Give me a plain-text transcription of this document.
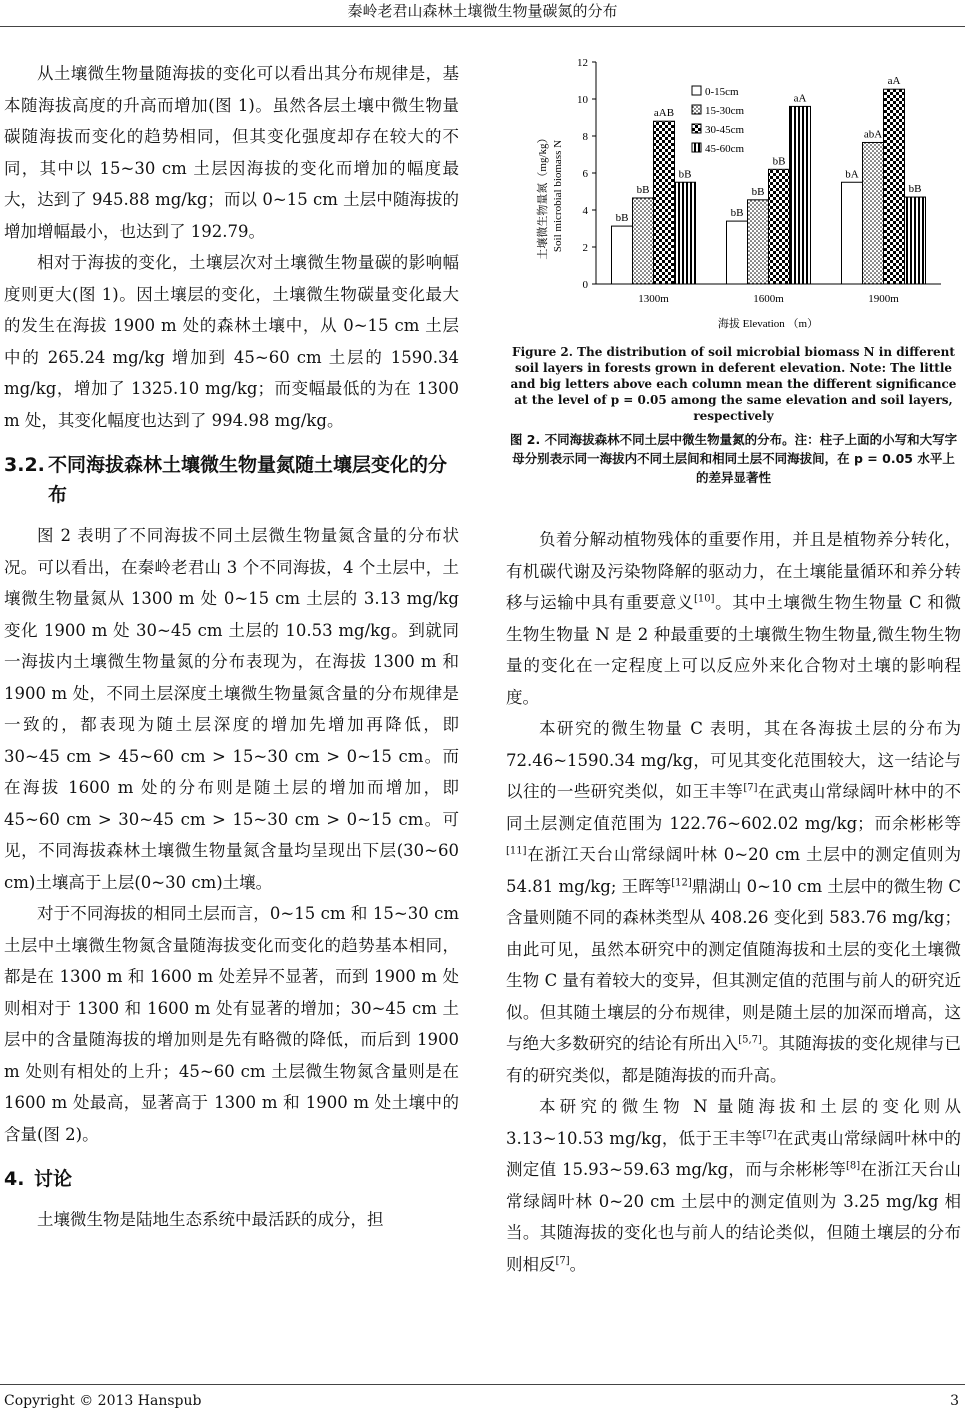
秦岭老君山森林土壤微生物量碳氮的分布

从土壤微生物量随海拔的变化可以看出其分布规律是，基本随海拔高度的升高而增加(图 1)。虽然各层土壤中微生物量碳随海拔而变化的趋势相同，但其变化强度却存在较大的不同，其中以 15~30 cm 土层因海拔的变化而增加的幅度最大，达到了 945.88 mg/kg；而以 0~15 cm 土层中随海拔的增加增幅最小，也达到了 192.79。

相对于海拔的变化，土壤层次对土壤微生物量碳的影响幅度则更大(图 1)。因土壤层的变化，土壤微生物碳量变化最大的发生在海拔 1900 m 处的森林土壤中，从 0~15 cm 土层中的 265.24 mg/kg 增加到 45~60 cm 土层的 1590.34 mg/kg，增加了 1325.10 mg/kg；而变幅最低的为在 1300 m 处，其变化幅度也达到了 994.98 mg/kg。

3.2. 不同海拔森林土壤微生物量氮随土壤层变化的分布

图 2 表明了不同海拔不同土层微生物量氮含量的分布状况。可以看出，在秦岭老君山 3 个不同海拔，4 个土层中，土壤微生物量氮从 1300 m 处 0~15 cm 土层的 3.13 mg/kg 变化 1900 m 处 30~45 cm 土层的 10.53 mg/kg。到就同一海拔内土壤微生物量氮的分布表现为，在海拔 1300 m 和 1900 m 处，不同土层深度土壤微生物量氮含量的分布规律是一致的，都表现为随土层深度的增加先增加再降低，即 30~45 cm > 45~60 cm > 15~30 cm > 0~15 cm。而在海拔 1600 m 处的分布则是随土层的增加而增加，即 45~60 cm > 30~45 cm > 15~30 cm > 0~15 cm。可见，不同海拔森林土壤微生物量氮含量均呈现出下层(30~60 cm)土壤高于上层(0~30 cm)土壤。

对于不同海拔的相同土层而言，0~15 cm 和 15~30 cm 土层中土壤微生物氮含量随海拔变化而变化的趋势基本相同，都是在 1300 m 和 1600 m 处差异不显著，而到 1900 m 处则相对于 1300 和 1600 m 处有显著的增加；30~45 cm 土层中的含量随海拔的增加则是先有略微的降低，而后到 1900 m 处则有相处的上升；45~60 cm 土层微生物氮含量则是在 1600 m 处最高，显著高于 1300 m 和 1900 m 处土壤中的含量(图 2)。

4. 讨论

土壤微生物是陆地生态系统中最活跃的成分，担

土壤微生物量氮（mg/kg） Soil microbial biomass N
0
2
4
6
8
10
12
bB
bB
aAB
bB
bB
bB
bB
aA
bA
abA
aA
bB
1300m	1600m	1900m
0-15cm
15-30cm
30-45cm
45-60cm
海拔 Elevation （m）
Figure 2. The distribution of soil microbial biomass N in different soil layers in forests grown in deferent elevation. Note: The little and big letters above each column mean the different significance at the level of p = 0.05 among the same elevation and soil layers, respectively
图 2. 不同海拔森林不同土层中微生物量氮的分布。注：柱子上面的小写和大写字母分别表示同一海拔内不同土层间和相同土层不同海拔间，在 p = 0.05 水平上的差异显著性

负着分解动植物残体的重要作用，并且是植物养分转化，有机碳代谢及污染物降解的驱动力，在土壤能量循环和养分转移与运输中具有重要意义[10]。其中土壤微生物生物量 C 和微生物生物量 N 是 2 种最重要的土壤微生物生物量,微生物生物量的变化在一定程度上可以反应外来化合物对土壤的影响程度。

本研究的微生物量 C 表明，其在各海拔土层的分布为 72.46~1590.34 mg/kg，可见其变化范围较大，这一结论与以往的一些研究类似，如王丰等[7]在武夷山常绿阔叶林中的不同土层测定值范围为 122.76~602.02 mg/kg；而余彬彬等[11]在浙江天台山常绿阔叶林 0~20 cm 土层中的测定值则为 54.81 mg/kg; 王晖等[12]鼎湖山 0~10 cm 土层中的微生物 C 含量则随不同的森林类型从 408.26 变化到 583.76 mg/kg；由此可见，虽然本研究中的测定值随海拔和土层的变化土壤微生物 C 量有着较大的变异，但其测定值的范围与前人的研究近似。但其随土壤层的分布规律，则是随土层的加深而增高，这与绝大多数研究的结论有所出入[5,7]。其随海拔的变化规律与已有的研究类似，都是随海拔的而升高。

本研究的微生物 N 量随海拔和土层的变化则从 3.13~10.53 mg/kg，低于王丰等[7]在武夷山常绿阔叶林中的测定值 15.93~59.63 mg/kg，而与余彬彬等[8]在浙江天台山常绿阔叶林 0~20 cm 土层中的测定值则为 3.25 mg/kg 相当。其随海拔的变化也与前人的结论类似，但随土壤层的分布则相反[7]。

Copyright © 2013 Hanspub	3
